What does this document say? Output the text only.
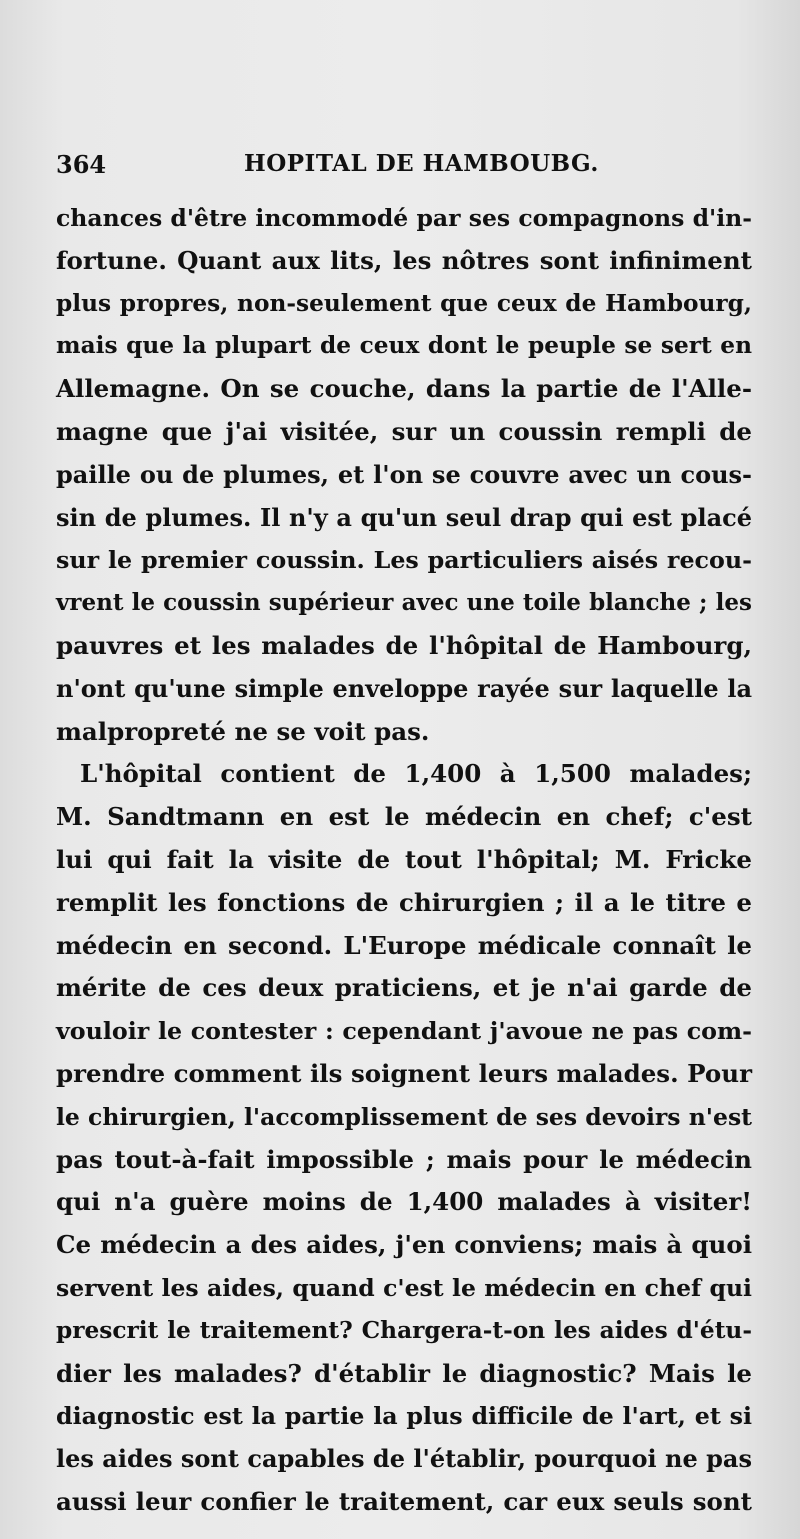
364	HOPITAL DE HAMBOUBG.
chances d'être incommodé par ses compagnons d'in-
fortune. Quant aux lits, les nôtres sont infiniment
plus propres, non-seulement que ceux de Hambourg,
mais que la plupart de ceux dont le peuple se sert en
Allemagne. On se couche, dans la partie de l'Alle-
magne que j'ai visitée, sur un coussin rempli de
paille ou de plumes, et l'on se couvre avec un cous-
sin de plumes. Il n'y a qu'un seul drap qui est placé
sur le premier coussin. Les particuliers aisés recou-
vrent le coussin supérieur avec une toile blanche ; les
pauvres et les malades de l'hôpital de Hambourg,
n'ont qu'une simple enveloppe rayée sur laquelle la
malpropreté ne se voit pas.
L'hôpital contient de 1,400 à 1,500 malades;
M. Sandtmann en est le médecin en chef; c'est
lui qui fait la visite de tout l'hôpital; M. Fricke
remplit les fonctions de chirurgien ; il a le titre e
médecin en second. L'Europe médicale connaît le
mérite de ces deux praticiens, et je n'ai garde de
vouloir le contester : cependant j'avoue ne pas com-
prendre comment ils soignent leurs malades. Pour
le chirurgien, l'accomplissement de ses devoirs n'est
pas tout-à-fait impossible ; mais pour le médecin
qui n'a guère moins de 1,400 malades à visiter!
Ce médecin a des aides, j'en conviens; mais à quoi
servent les aides, quand c'est le médecin en chef qui
prescrit le traitement? Chargera-t-on les aides d'étu-
dier les malades? d'établir le diagnostic? Mais le
diagnostic est la partie la plus difficile de l'art, et si
les aides sont capables de l'établir, pourquoi ne pas
aussi leur confier le traitement, car eux seuls sont
